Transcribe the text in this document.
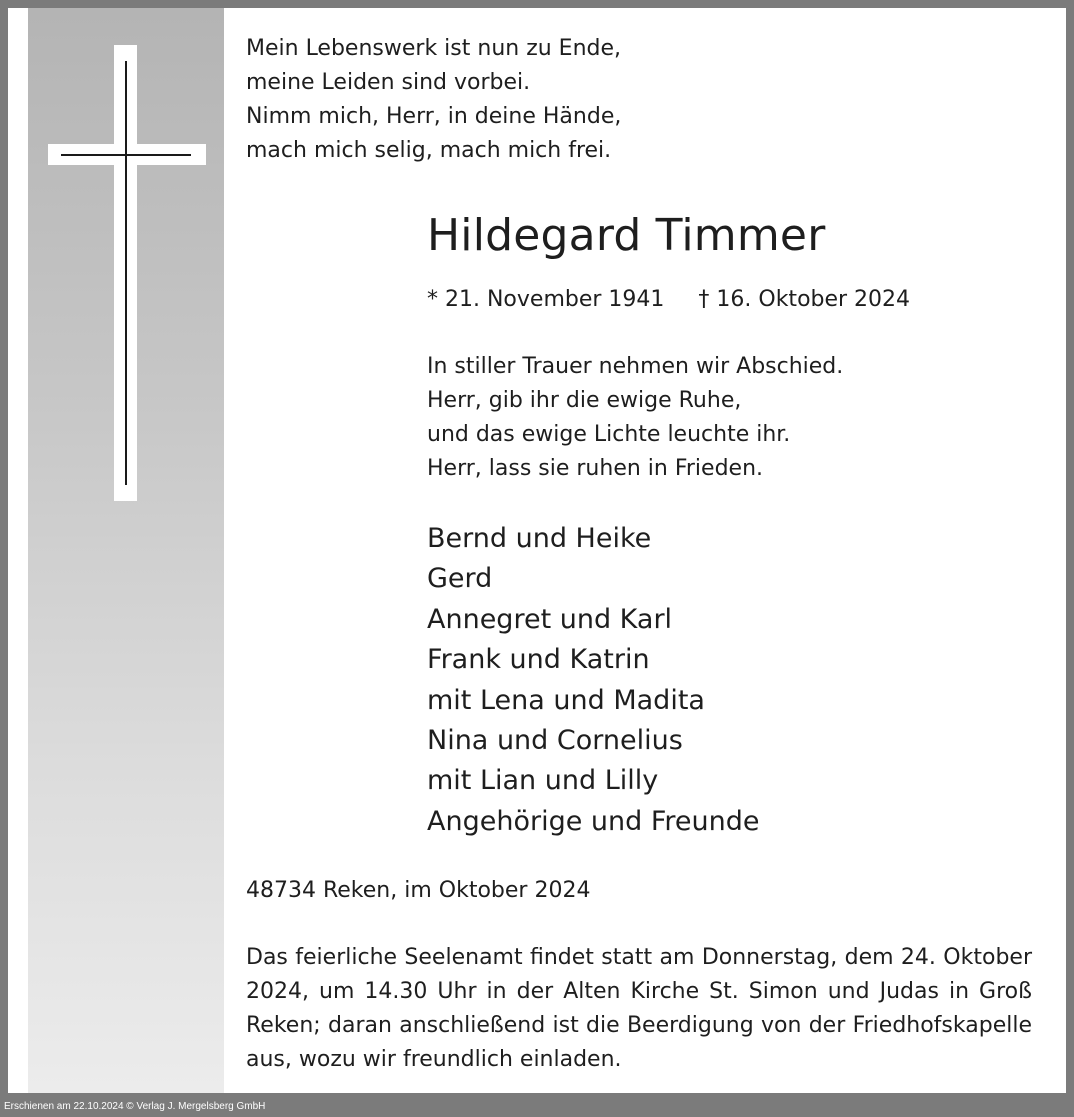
Mein Lebenswerk ist nun zu Ende,
meine Leiden sind vorbei.
Nimm mich, Herr, in deine Hände,
mach mich selig, mach mich frei.
Hildegard Timmer
* 21. November 1941 † 16. Oktober 2024
In stiller Trauer nehmen wir Abschied.
Herr, gib ihr die ewige Ruhe,
und das ewige Lichte leuchte ihr.
Herr, lass sie ruhen in Frieden.
Bernd und Heike
Gerd
Annegret und Karl
Frank und Katrin
mit Lena und Madita
Nina und Cornelius
mit Lian und Lilly
Angehörige und Freunde
48734 Reken, im Oktober 2024
Das feierliche Seelenamt findet statt am Donnerstag, dem 24. Oktober 2024, um 14.30 Uhr in der Alten Kirche St. Simon und Judas in Groß Reken; daran anschließend ist die Beerdigung von der Friedhofskapelle aus, wozu wir freundlich einladen.
Erschienen am 22.10.2024 © Verlag J. Mergelsberg GmbH
